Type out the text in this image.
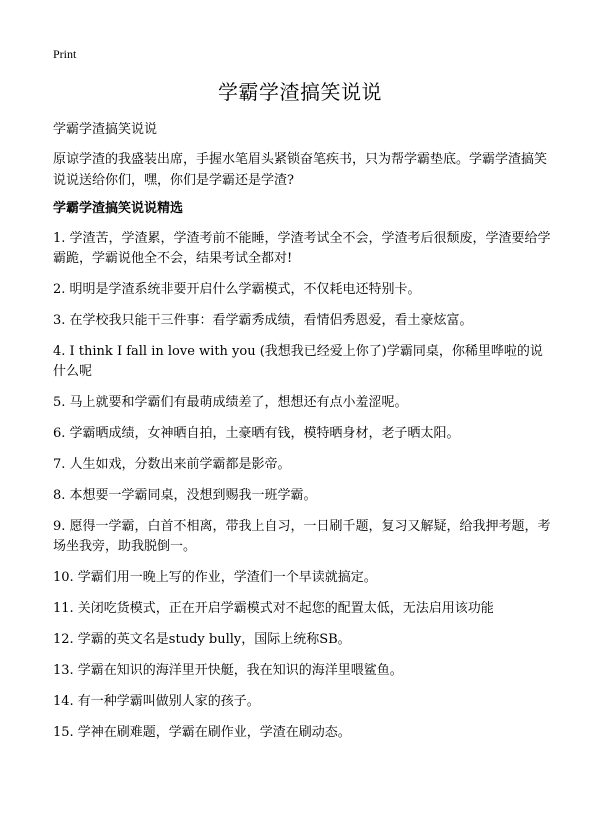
Print
学霸学渣搞笑说说
学霸学渣搞笑说说
原谅学渣的我盛装出席，手握水笔眉头紧锁奋笔疾书，只为帮学霸垫底。学霸学渣搞笑说说送给你们，嘿，你们是学霸还是学渣?
学霸学渣搞笑说说精选
1. 学渣苦，学渣累，学渣考前不能睡，学渣考试全不会，学渣考后很颓废，学渣要给学霸跪，学霸说他全不会，结果考试全都对!
2. 明明是学渣系统非要开启什么学霸模式，不仅耗电还特别卡。
3. 在学校我只能干三件事：看学霸秀成绩，看情侣秀恩爱，看土豪炫富。
4. I think I fall in love with you (我想我已经爱上你了)学霸同桌，你稀里哗啦的说什么呢
5. 马上就要和学霸们有最萌成绩差了，想想还有点小羞涩呢。
6. 学霸晒成绩，女神晒自拍，土豪晒有钱，模特晒身材，老子晒太阳。
7. 人生如戏，分数出来前学霸都是影帝。
8. 本想要一学霸同桌，没想到赐我一班学霸。
9. 愿得一学霸，白首不相离，带我上自习，一日刷千题，复习又解疑，给我押考题，考场坐我旁，助我脱倒一。
10. 学霸们用一晚上写的作业，学渣们一个早读就搞定。
11. 关闭吃货模式，正在开启学霸模式对不起您的配置太低，无法启用该功能
12. 学霸的英文名是study bully，国际上统称SB。
13. 学霸在知识的海洋里开快艇，我在知识的海洋里喂鲨鱼。
14. 有一种学霸叫做别人家的孩子。
15. 学神在刷难题，学霸在刷作业，学渣在刷动态。
